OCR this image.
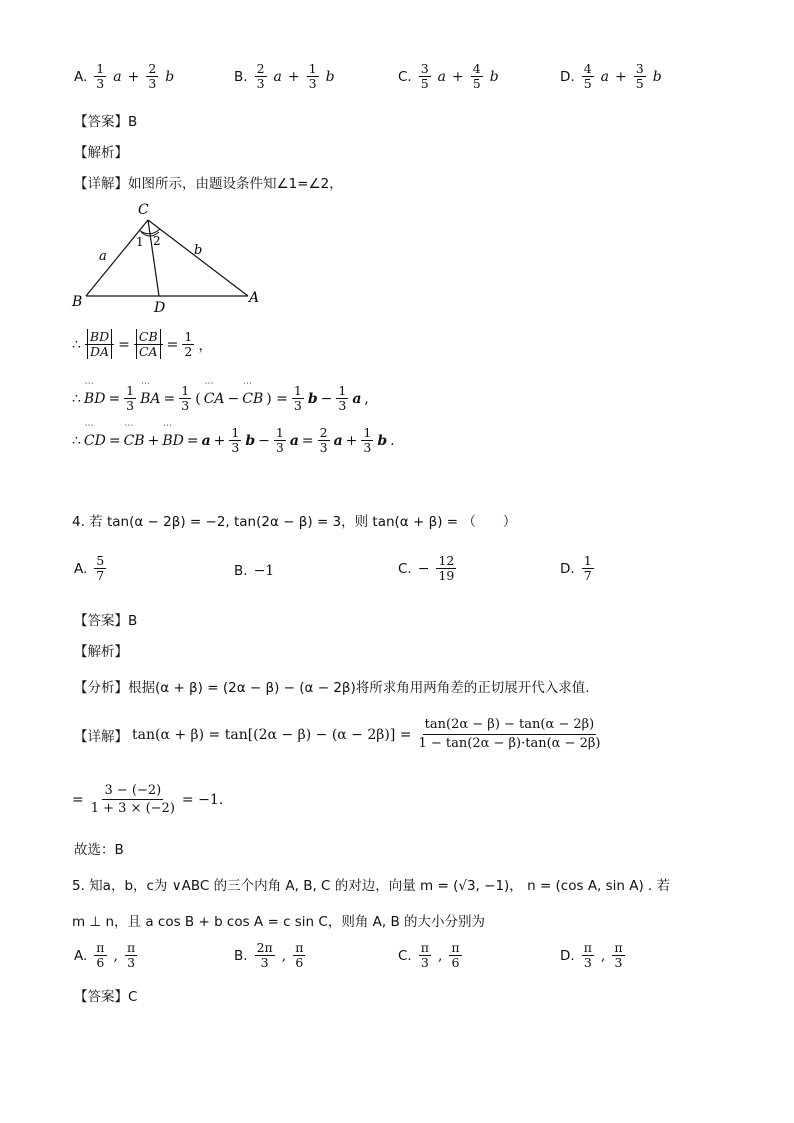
A. $\frac{1}{3}$ $a + \frac{2}{3}$ b	B. $\frac{2}{3}$ $a + \frac{1}{3}$ b	C. $\frac{3}{5}$ $a + \frac{4}{5}$ b	D. $\frac{4}{5}$ $a + \frac{3}{5}$ b
【答案】B
【解析】
【详解】如图所示，由题设条件知∠1=∠2，
C
B	A
D
a	b
1 2
∴ $\frac{BD}{DA} = \frac{CB}{CA} = \frac{1}{2}$ ，
∴ ``` BD = $\frac{1}{3}$ ``` BA = $\frac{1}{3}$ ( ``` CA − ``` CB ) = $\frac{1}{3}$ $b - \frac{1}{3}$ a ,
∴ ``` CD = ``` CB + ``` BD = $a + \frac{1}{3}$ $b - \frac{1}{3}$ $a = \frac{2}{3}$ $a + \frac{1}{3}$ b .
4. 若 tan(α − 2β) = −2, tan(2α − β) = 3，则 tan(α + β) = （　　）
A. $\frac{5}{7}$	B. −1	C. − $\frac{12}{19}$	D. $\frac{1}{7}$
【答案】B
【解析】
【分析】根据(α + β) = (2α − β) − (α − 2β)将所求角用两角差的正切展开代入求值.
【详解】 $\tan(\alpha + \beta) = \tan[(2\alpha - \beta) - (\alpha - 2\beta)] = \frac{\tan(2\alpha - \beta) - \tan(\alpha - 2\beta)}{1 - \tan(2\alpha - \beta)\cdot\tan(\alpha - 2\beta)}$
= $\frac{3 - (-2)}{1 + 3 \times (-2)} = -1$.
故选：B
5. 知a，b，c为 ∨ABC 的三个内角 A, B, C 的对边，向量 m = (√3, −1)， n = (cos A, sin A) . 若
m ⊥ n，且 a cos B + b cos A = c sin C，则角 A, B 的大小分别为
A. $\frac{\pi}{6}$ , $\frac{\pi}{3}$	B. $\frac{2\pi}{3}$ , $\frac{\pi}{6}$	C. $\frac{\pi}{3}$ , $\frac{\pi}{6}$	D. $\frac{\pi}{3}$ , $\frac{\pi}{3}$
【答案】C
